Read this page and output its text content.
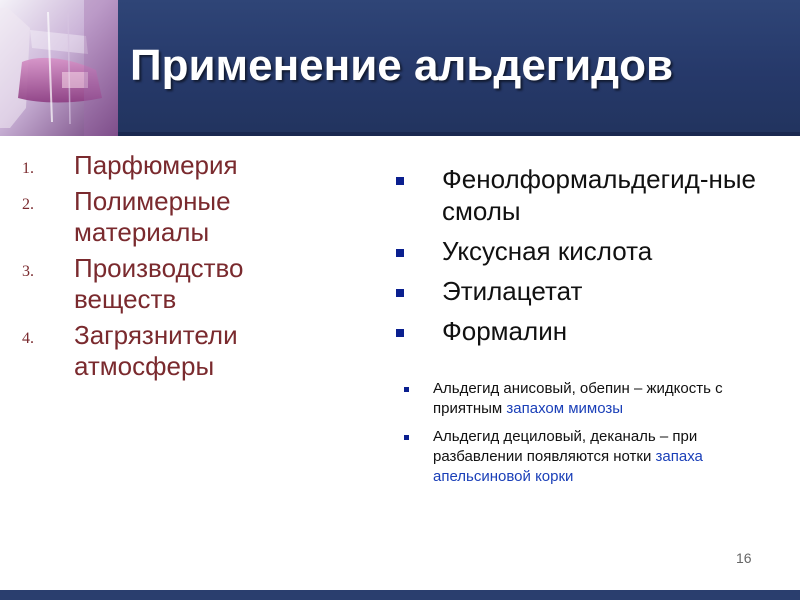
Применение альдегидов
1.	Парфюмерия
2.	Полимерные материалы
3.	Производство веществ
4.	Загрязнители атмосферы
Фенолформальдегид-ные смолы
Уксусная кислота
Этилацетат
Формалин
Альдегид анисовый, обепин – жидкость с приятным запахом мимозы
Альдегид дециловый, деканаль – при разбавлении появляются нотки запаха апельсиновой корки
16
